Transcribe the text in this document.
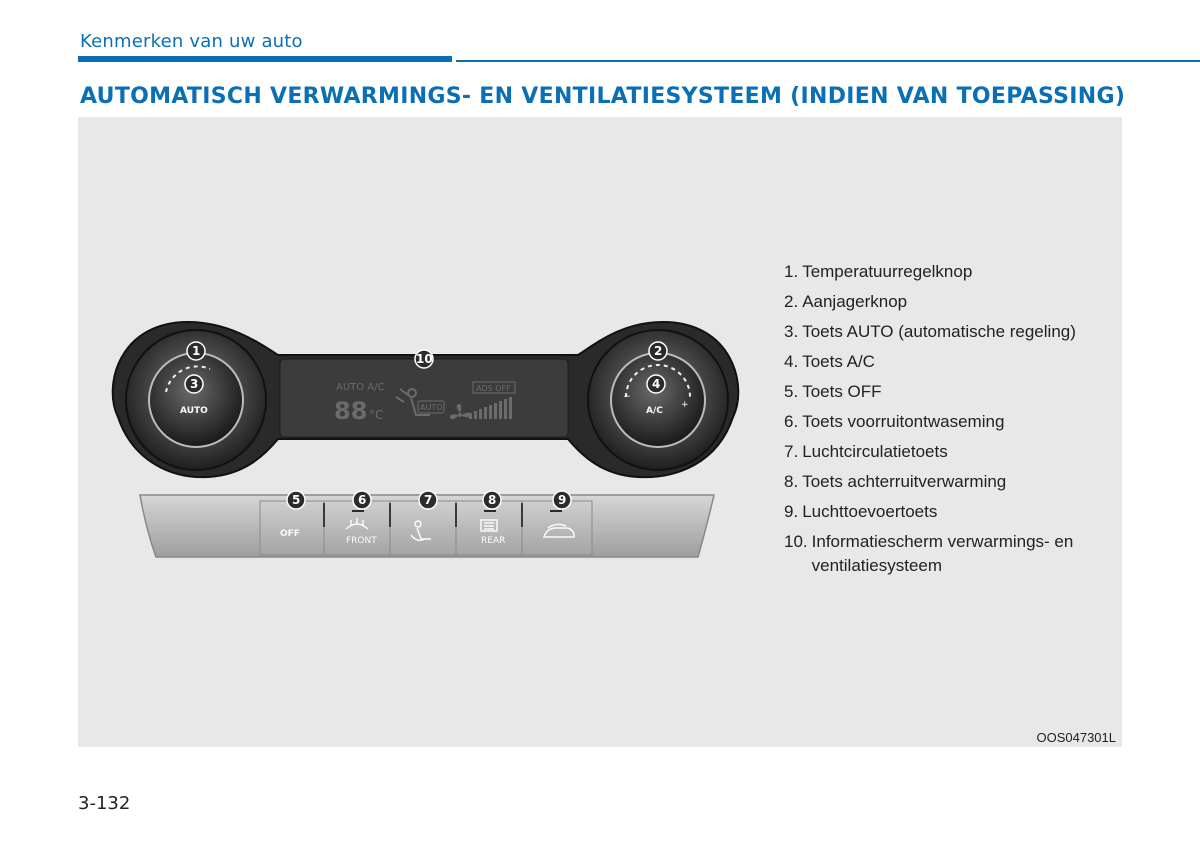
Kenmerken van uw auto
AUTOMATISCH VERWARMINGS- EN VENTILATIESYSTEEM (INDIEN VAN TOEPASSING)
AUTO A/C
88 °C
AUTO
ADS OFF
AUTO
−
+
A/C
OFF
FRONT	REAR
1
3
2
4
10
5	6	7	8	9
1. Temperatuurregelknop
2. Aanjagerknop
3. Toets AUTO (automatische regeling)
4. Toets A/C
5. Toets OFF
6. Toets voorruitontwaseming
7. Luchtcirculatietoets
8. Toets achterruitverwarming
9. Luchttoevoertoets
10. Informatiescherm verwarmings- en ventilatiesysteem
OOS047301L
3-132
